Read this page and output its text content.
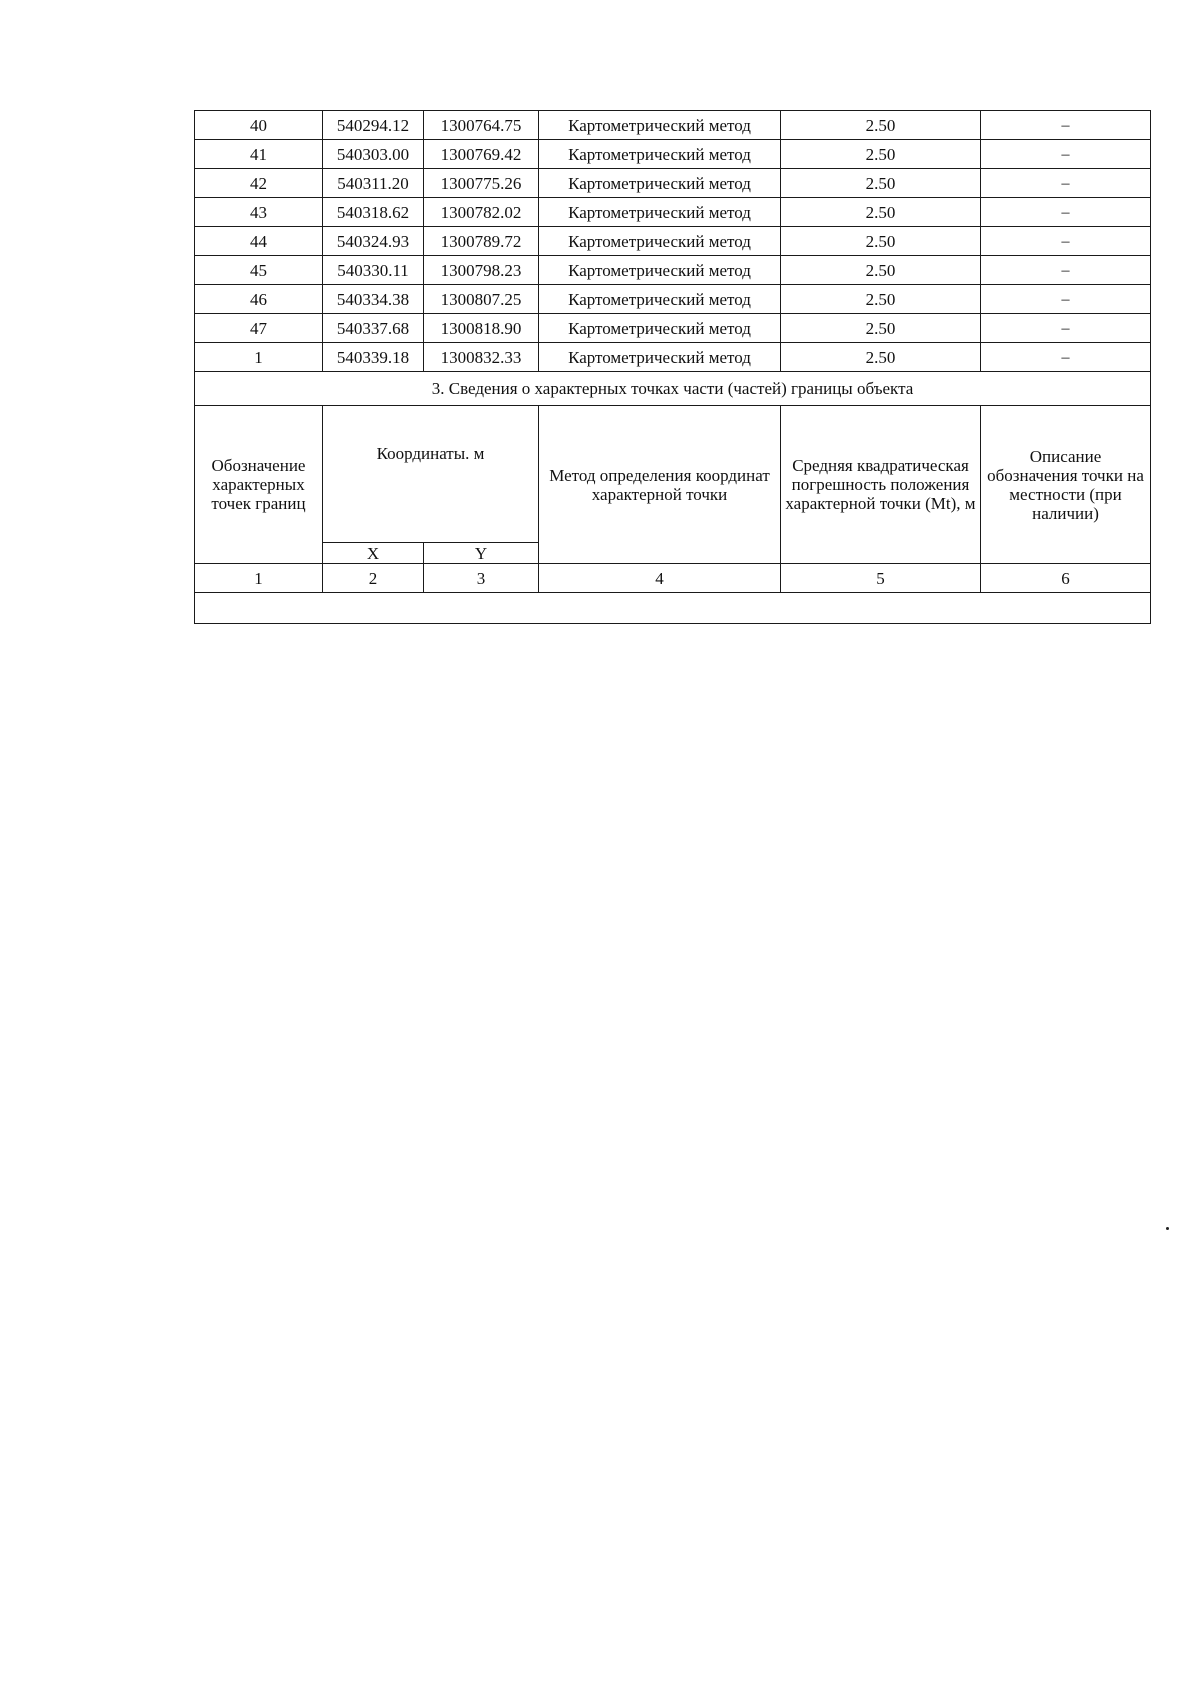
40	540294.12	1300764.75	Картометрический метод	2.50	–
41	540303.00	1300769.42	Картометрический метод	2.50	–
42	540311.20	1300775.26	Картометрический метод	2.50	–
43	540318.62	1300782.02	Картометрический метод	2.50	–
44	540324.93	1300789.72	Картометрический метод	2.50	–
45	540330.11	1300798.23	Картометрический метод	2.50	–
46	540334.38	1300807.25	Картометрический метод	2.50	–
47	540337.68	1300818.90	Картометрический метод	2.50	–
1	540339.18	1300832.33	Картометрический метод	2.50	–
3. Сведения о характерных точках части (частей) границы объекта					
Обозначение характерных точек границ	Координаты. м		Метод определения координат характерной точки	Средняя квадратическая погрешность положения характерной точки (Mt), м	Описание обозначения точки на местности (при наличии)
	X	Y			
1	2	3	4	5	6
